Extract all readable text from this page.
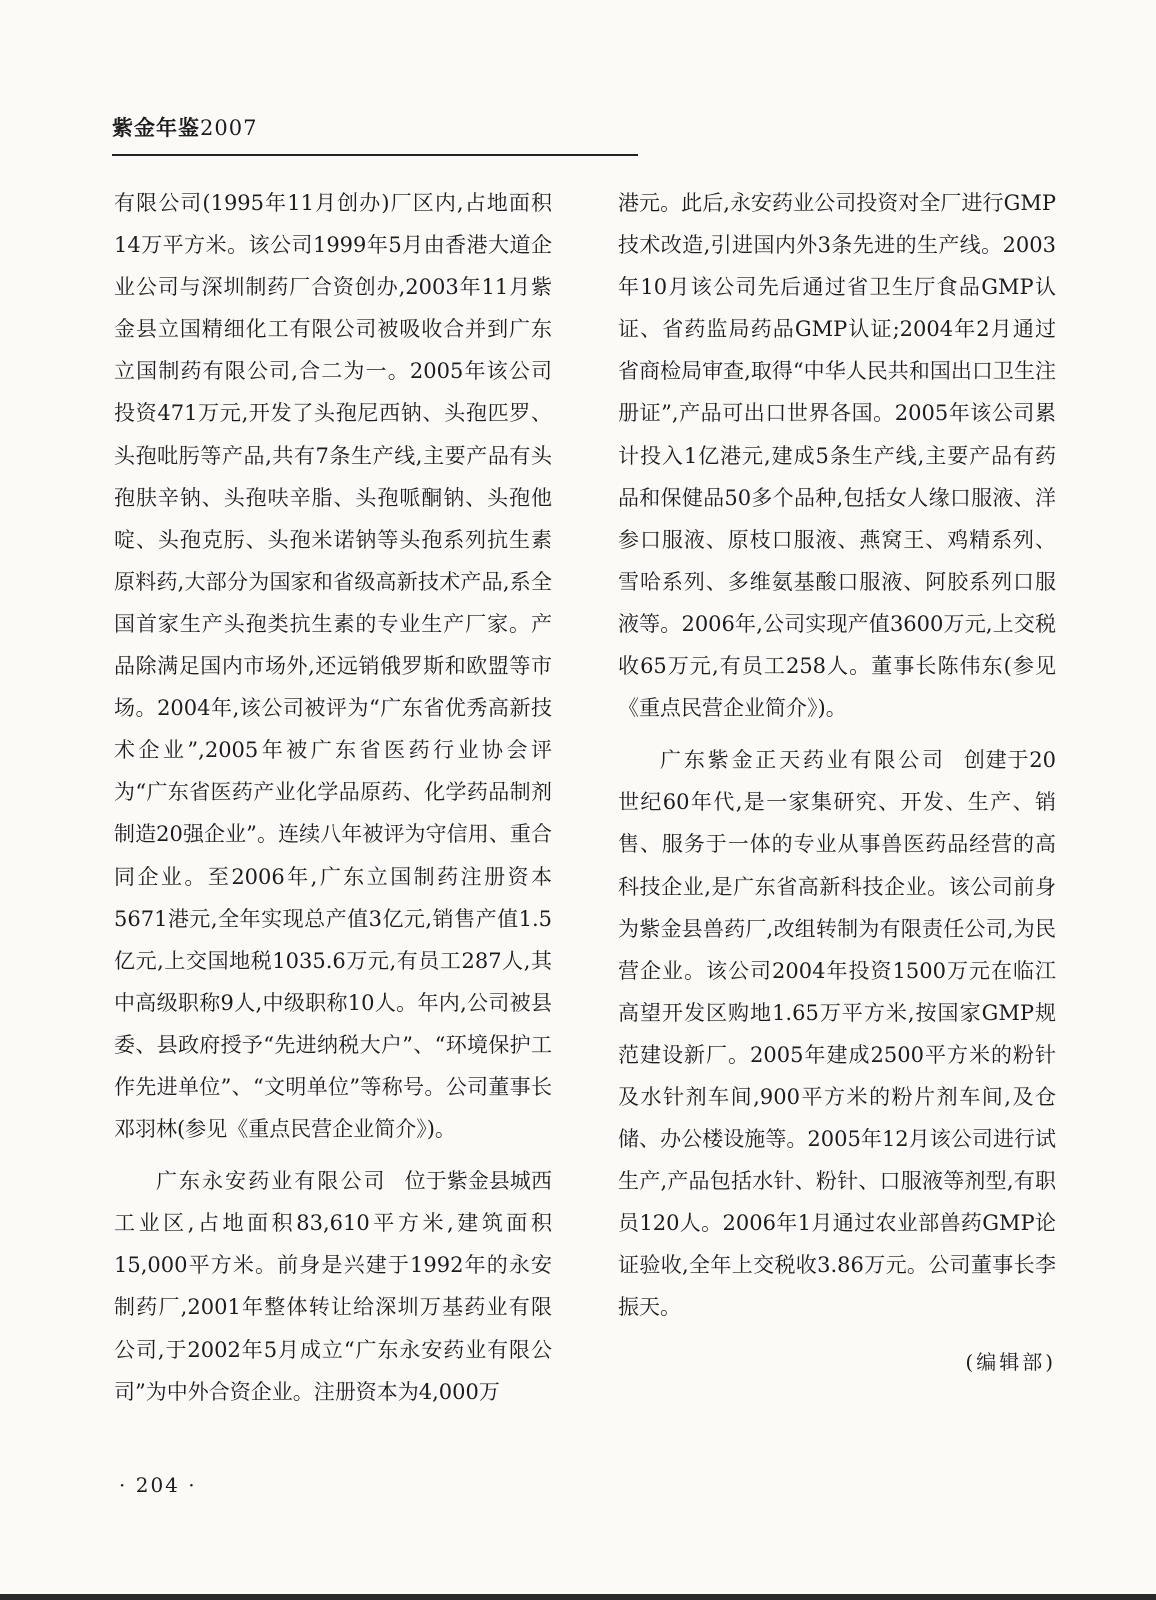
紫金年鉴2007

有限公司(1995年11月创办)厂区内,占地面积14万平方米。该公司1999年5月由香港大道企业公司与深圳制药厂合资创办,2003年11月紫金县立国精细化工有限公司被吸收合并到广东立国制药有限公司,合二为一。2005年该公司投资471万元,开发了头孢尼西钠、头孢匹罗、头孢吡肟等产品,共有7条生产线,主要产品有头孢肤辛钠、头孢呋辛脂、头孢哌酮钠、头孢他啶、头孢克肟、头孢米诺钠等头孢系列抗生素原料药,大部分为国家和省级高新技术产品,系全国首家生产头孢类抗生素的专业生产厂家。产品除满足国内市场外,还远销俄罗斯和欧盟等市场。2004年,该公司被评为“广东省优秀高新技术企业”,2005年被广东省医药行业协会评为“广东省医药产业化学品原药、化学药品制剂制造20强企业”。连续八年被评为守信用、重合同企业。至2006年,广东立国制药注册资本5671港元,全年实现总产值3亿元,销售产值1.5亿元,上交国地税1035.6万元,有员工287人,其中高级职称9人,中级职称10人。年内,公司被县委、县政府授予“先进纳税大户”、“环境保护工作先进单位”、“文明单位”等称号。公司董事长邓羽林(参见《重点民营企业简介》)。

广东永安药业有限公司 位于紫金县城西工业区,占地面积83,610平方米,建筑面积15,000平方米。前身是兴建于1992年的永安制药厂,2001年整体转让给深圳万基药业有限公司,于2002年5月成立“广东永安药业有限公司”为中外合资企业。注册资本为4,000万

港元。此后,永安药业公司投资对全厂进行GMP技术改造,引进国内外3条先进的生产线。2003年10月该公司先后通过省卫生厅食品GMP认证、省药监局药品GMP认证;2004年2月通过省商检局审查,取得“中华人民共和国出口卫生注册证”,产品可出口世界各国。2005年该公司累计投入1亿港元,建成5条生产线,主要产品有药品和保健品50多个品种,包括女人缘口服液、洋参口服液、原枝口服液、燕窝王、鸡精系列、雪哈系列、多维氨基酸口服液、阿胶系列口服液等。2006年,公司实现产值3600万元,上交税收65万元,有员工258人。董事长陈伟东(参见《重点民营企业简介》)。

广东紫金正天药业有限公司 创建于20世纪60年代,是一家集研究、开发、生产、销售、服务于一体的专业从事兽医药品经营的高科技企业,是广东省高新科技企业。该公司前身为紫金县兽药厂,改组转制为有限责任公司,为民营企业。该公司2004年投资1500万元在临江高望开发区购地1.65万平方米,按国家GMP规范建设新厂。2005年建成2500平方米的粉针及水针剂车间,900平方米的粉片剂车间,及仓储、办公楼设施等。2005年12月该公司进行试生产,产品包括水针、粉针、口服液等剂型,有职员120人。2006年1月通过农业部兽药GMP论证验收,全年上交税收3.86万元。公司董事长李振天。

(编辑部)

· 204 ·
